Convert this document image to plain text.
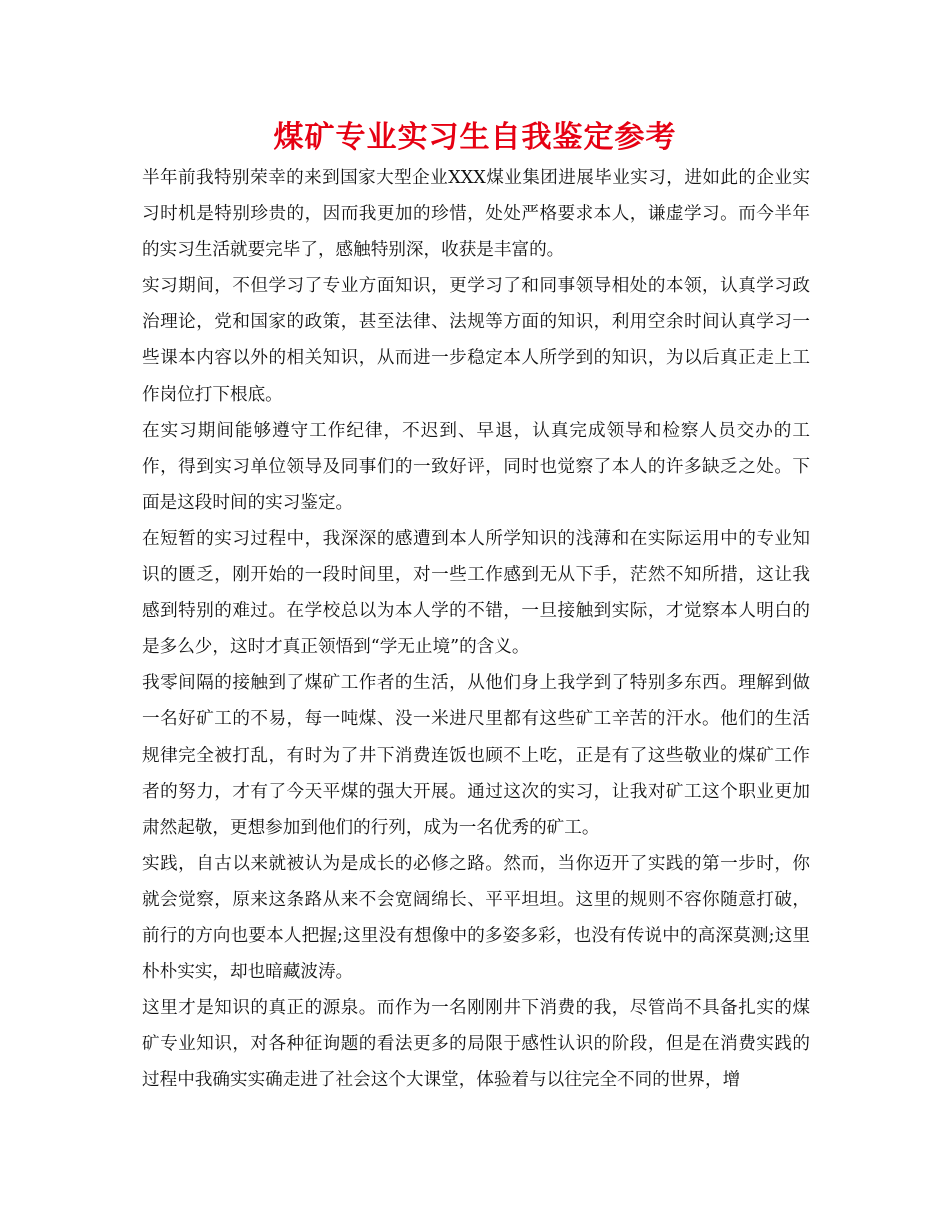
煤矿专业实习生自我鉴定参考

半年前我特别荣幸的来到国家大型企业XXX煤业集团进展毕业实习，进如此的企业实习时机是特别珍贵的，因而我更加的珍惜，处处严格要求本人，谦虚学习。而今半年的实习生活就要完毕了，感触特别深，收获是丰富的。

实习期间，不但学习了专业方面知识，更学习了和同事领导相处的本领，认真学习政治理论，党和国家的政策，甚至法律、法规等方面的知识，利用空余时间认真学习一些课本内容以外的相关知识，从而进一步稳定本人所学到的知识，为以后真正走上工作岗位打下根底。

在实习期间能够遵守工作纪律，不迟到、早退，认真完成领导和检察人员交办的工作，得到实习单位领导及同事们的一致好评，同时也觉察了本人的许多缺乏之处。下面是这段时间的实习鉴定。

在短暂的实习过程中，我深深的感遭到本人所学知识的浅薄和在实际运用中的专业知识的匮乏，刚开始的一段时间里，对一些工作感到无从下手，茫然不知所措，这让我感到特别的难过。在学校总以为本人学的不错，一旦接触到实际，才觉察本人明白的是多么少，这时才真正领悟到“学无止境”的含义。

我零间隔的接触到了煤矿工作者的生活，从他们身上我学到了特别多东西。理解到做一名好矿工的不易，每一吨煤、没一米进尺里都有这些矿工辛苦的汗水。他们的生活规律完全被打乱，有时为了井下消费连饭也顾不上吃，正是有了这些敬业的煤矿工作者的努力，才有了今天平煤的强大开展。通过这次的实习，让我对矿工这个职业更加肃然起敬，更想参加到他们的行列，成为一名优秀的矿工。

实践，自古以来就被认为是成长的必修之路。然而，当你迈开了实践的第一步时，你就会觉察，原来这条路从来不会宽阔绵长、平平坦坦。这里的规则不容你随意打破，前行的方向也要本人把握;这里没有想像中的多姿多彩，也没有传说中的高深莫测;这里朴朴实实，却也暗藏波涛。

这里才是知识的真正的源泉。而作为一名刚刚井下消费的我，尽管尚不具备扎实的煤矿专业知识，对各种征询题的看法更多的局限于感性认识的阶段，但是在消费实践的过程中我确实实确走进了社会这个大课堂，体验着与以往完全不同的世界，增
